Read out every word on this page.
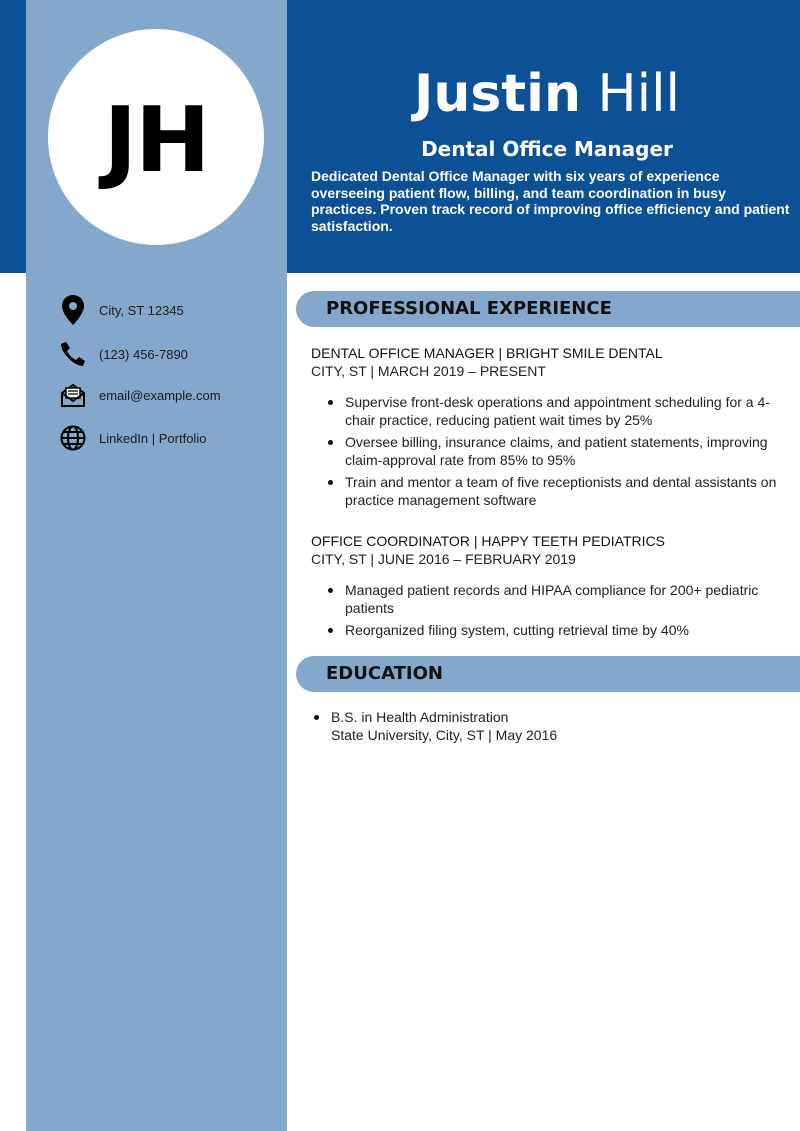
JH	Justin Hill
Dental Office Manager
Dedicated Dental Office Manager with six years of experience overseeing patient flow, billing, and team coordination in busy practices. Proven track record of improving office efficiency and patient satisfaction.
City, ST 12345
(123) 456-7890
email@example.com
LinkedIn | Portfolio
PROFESSIONAL EXPERIENCE
DENTAL OFFICE MANAGER | BRIGHT SMILE DENTAL
CITY, ST | MARCH 2019 – PRESENT
Supervise front-desk operations and appointment scheduling for a 4-chair practice, reducing patient wait times by 25%
Oversee billing, insurance claims, and patient statements, improving claim-approval rate from 85% to 95%
Train and mentor a team of five receptionists and dental assistants on practice management software
OFFICE COORDINATOR | HAPPY TEETH PEDIATRICS
CITY, ST | JUNE 2016 – FEBRUARY 2019
Managed patient records and HIPAA compliance for 200+ pediatric patients
Reorganized filing system, cutting retrieval time by 40%
EDUCATION
B.S. in Health Administration
State University, City, ST | May 2016
